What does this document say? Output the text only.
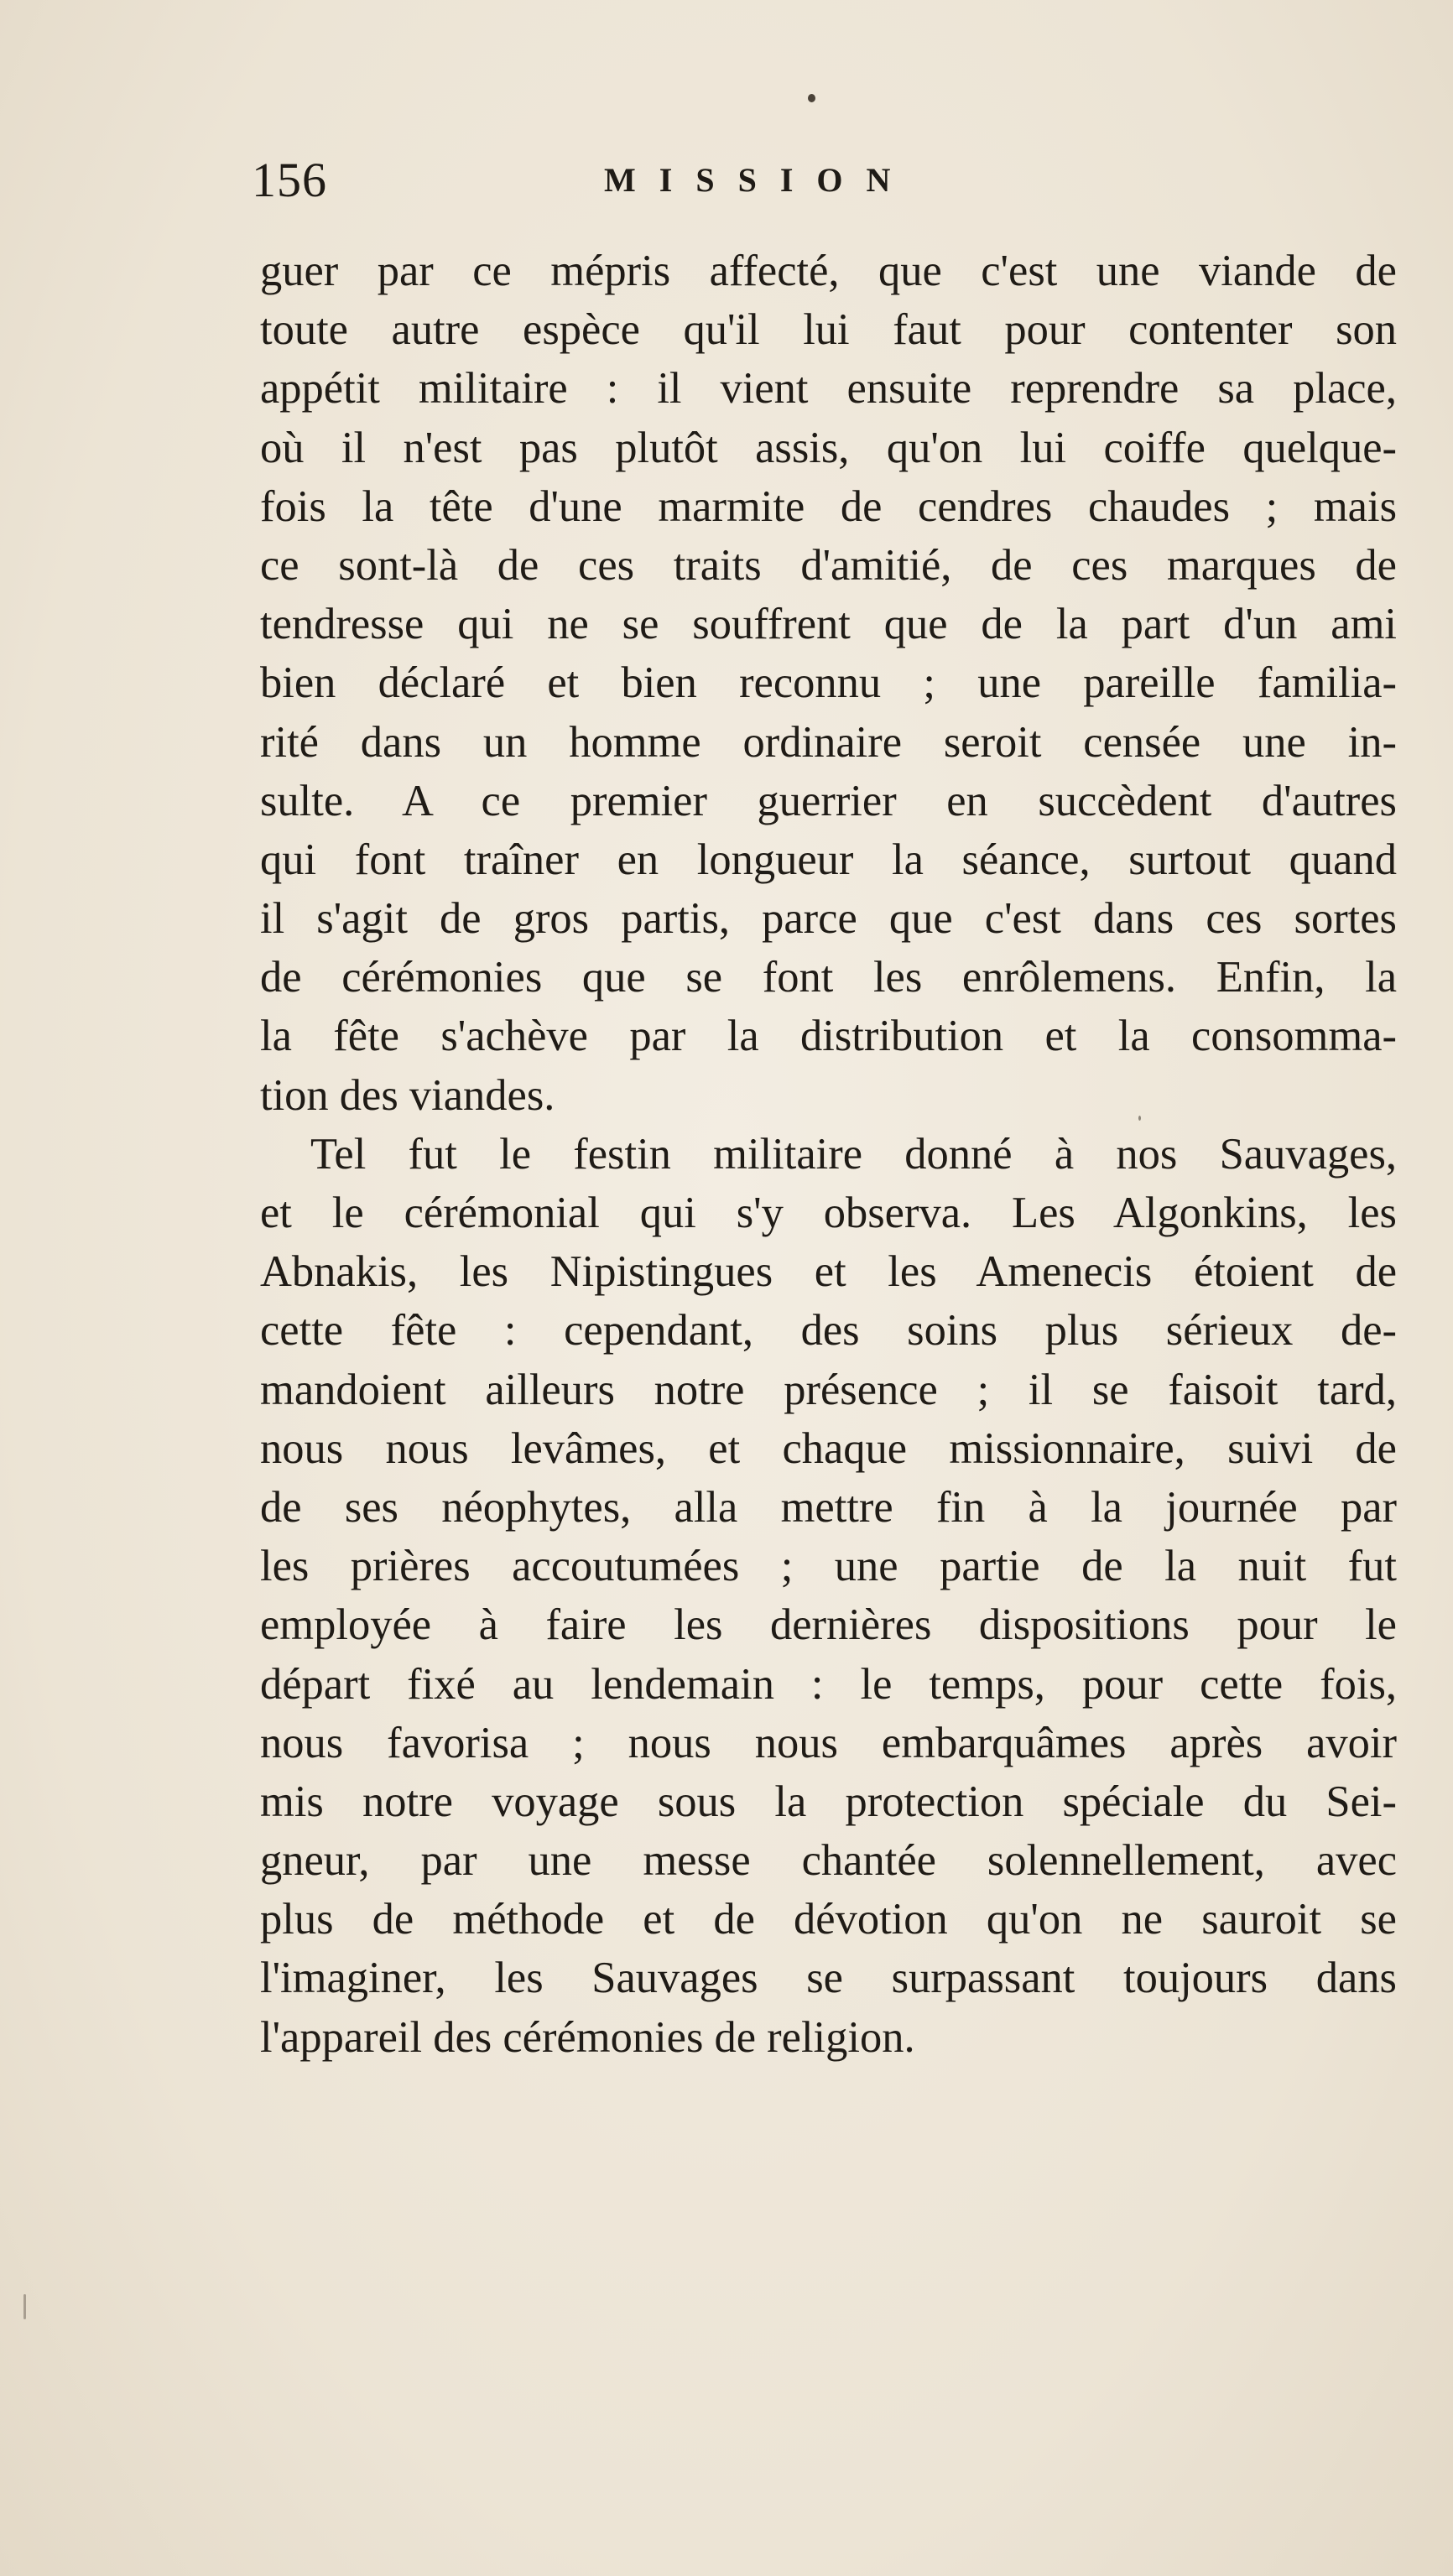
156	MISSION
guer par ce mépris affecté, que c'est une viande de
toute autre espèce qu'il lui faut pour contenter son
appétit militaire : il vient ensuite reprendre sa place,
où il n'est pas plutôt assis, qu'on lui coiffe quelque-
fois la tête d'une marmite de cendres chaudes ; mais
ce sont-là de ces traits d'amitié, de ces marques de
tendresse qui ne se souffrent que de la part d'un ami
bien déclaré et bien reconnu ; une pareille familia-
rité dans un homme ordinaire seroit censée une in-
sulte. A ce premier guerrier en succèdent d'autres
qui font traîner en longueur la séance, surtout quand
il s'agit de gros partis, parce que c'est dans ces sortes
de cérémonies que se font les enrôlemens. Enfin, la
la fête s'achève par la distribution et la consomma-
tion des viandes.
Tel fut le festin militaire donné à nos Sauvages,
et le cérémonial qui s'y observa. Les Algonkins, les
Abnakis, les Nipistingues et les Amenecis étoient de
cette fête : cependant, des soins plus sérieux de-
mandoient ailleurs notre présence ; il se faisoit tard,
nous nous levâmes, et chaque missionnaire, suivi de
de ses néophytes, alla mettre fin à la journée par
les prières accoutumées ; une partie de la nuit fut
employée à faire les dernières dispositions pour le
départ fixé au lendemain : le temps, pour cette fois,
nous favorisa ; nous nous embarquâmes après avoir
mis notre voyage sous la protection spéciale du Sei-
gneur, par une messe chantée solennellement, avec
plus de méthode et de dévotion qu'on ne sauroit se
l'imaginer, les Sauvages se surpassant toujours dans
l'appareil des cérémonies de religion.
